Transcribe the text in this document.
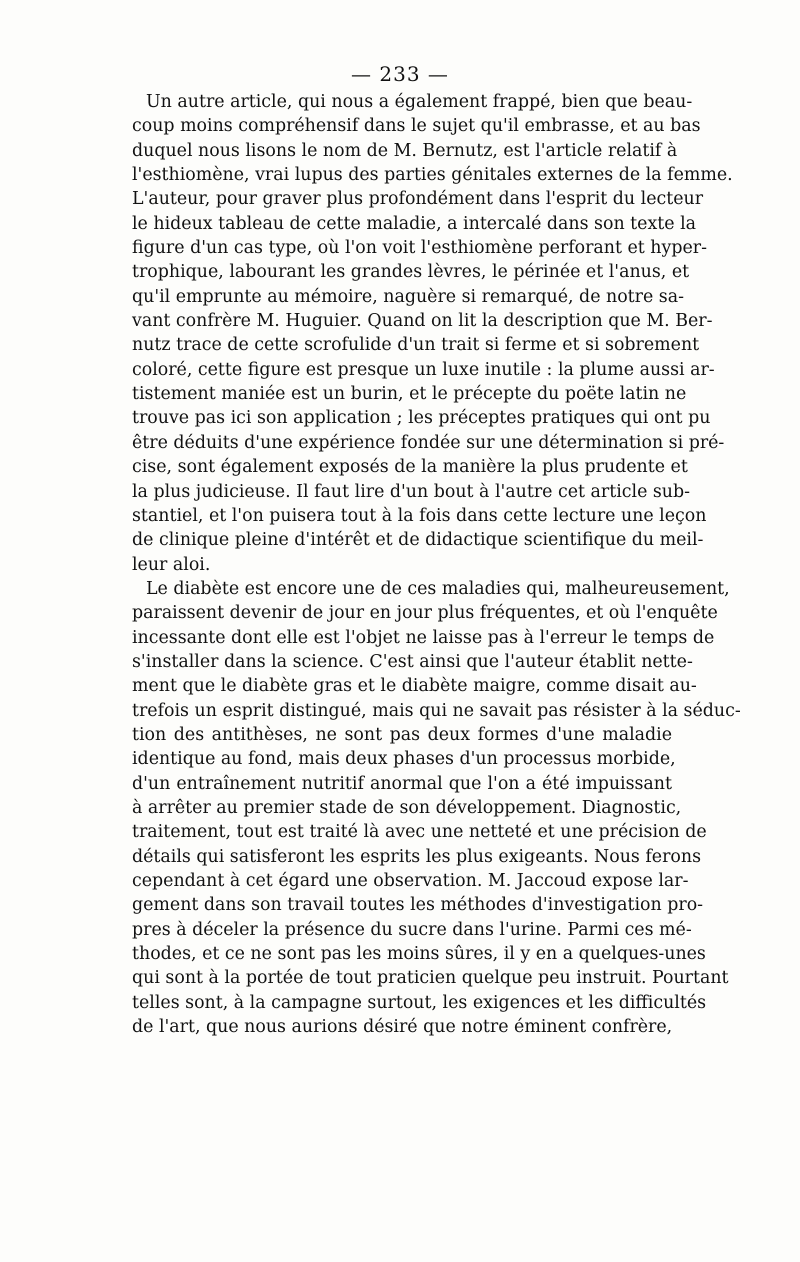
— 233 —
Un autre article, qui nous a également frappé, bien que beau-
coup moins compréhensif dans le sujet qu'il embrasse, et au bas
duquel nous lisons le nom de M. Bernutz, est l'article relatif à
l'esthiomène, vrai lupus des parties génitales externes de la femme.
L'auteur, pour graver plus profondément dans l'esprit du lecteur
le hideux tableau de cette maladie, a intercalé dans son texte la
figure d'un cas type, où l'on voit l'esthiomène perforant et hyper-
trophique, labourant les grandes lèvres, le périnée et l'anus, et
qu'il emprunte au mémoire, naguère si remarqué, de notre sa-
vant confrère M. Huguier. Quand on lit la description que M. Ber-
nutz trace de cette scrofulide d'un trait si ferme et si sobrement
coloré, cette figure est presque un luxe inutile : la plume aussi ar-
tistement maniée est un burin, et le précepte du poëte latin ne
trouve pas ici son application ; les préceptes pratiques qui ont pu
être déduits d'une expérience fondée sur une détermination si pré-
cise, sont également exposés de la manière la plus prudente et
la plus judicieuse. Il faut lire d'un bout à l'autre cet article sub-
stantiel, et l'on puisera tout à la fois dans cette lecture une leçon
de clinique pleine d'intérêt et de didactique scientifique du meil-
leur aloi.
Le diabète est encore une de ces maladies qui, malheureusement,
paraissent devenir de jour en jour plus fréquentes, et où l'enquête
incessante dont elle est l'objet ne laisse pas à l'erreur le temps de
s'installer dans la science. C'est ainsi que l'auteur établit nette-
ment que le diabète gras et le diabète maigre, comme disait au-
trefois un esprit distingué, mais qui ne savait pas résister à la séduc-
tion des antithèses, ne sont pas deux formes d'une maladie
identique au fond, mais deux phases d'un processus morbide,
d'un entraînement nutritif anormal que l'on a été impuissant
à arrêter au premier stade de son développement. Diagnostic,
traitement, tout est traité là avec une netteté et une précision de
détails qui satisferont les esprits les plus exigeants. Nous ferons
cependant à cet égard une observation. M. Jaccoud expose lar-
gement dans son travail toutes les méthodes d'investigation pro-
pres à déceler la présence du sucre dans l'urine. Parmi ces mé-
thodes, et ce ne sont pas les moins sûres, il y en a quelques-unes
qui sont à la portée de tout praticien quelque peu instruit. Pourtant
telles sont, à la campagne surtout, les exigences et les difficultés
de l'art, que nous aurions désiré que notre éminent confrère,
